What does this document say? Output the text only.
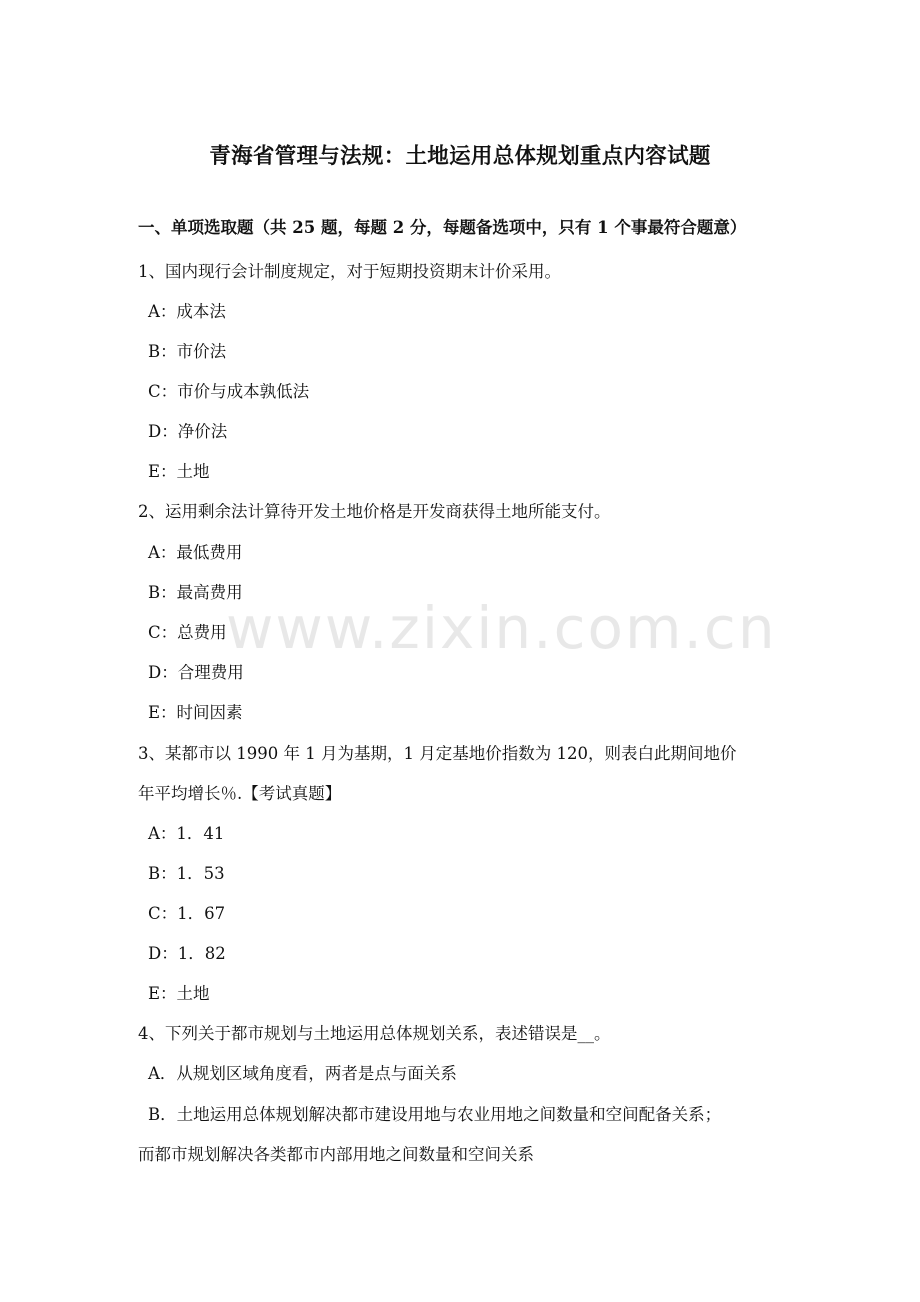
青海省管理与法规：土地运用总体规划重点内容试题
一、单项选取题（共 25 题，每题 2 分，每题备选项中，只有 1 个事最符合题意）
1、国内现行会计制度规定，对于短期投资期末计价采用。
A：成本法
B：市价法
C：市价与成本孰低法
D：净价法
E：土地
2、运用剩余法计算待开发土地价格是开发商获得土地所能支付。
A：最低费用
B：最高费用
C：总费用
D：合理费用
E：时间因素
3、某都市以 1990 年 1 月为基期，1 月定基地价指数为 120，则表白此期间地价
年平均增长％.【考试真题】
A：1．41
B：1．53
C：1．67
D：1．82
E：土地
4、下列关于都市规划与土地运用总体规划关系，表述错误是__。
A．从规划区域角度看，两者是点与面关系
B．土地运用总体规划解决都市建设用地与农业用地之间数量和空间配备关系；
而都市规划解决各类都市内部用地之间数量和空间关系
www.zixin.com.cn
